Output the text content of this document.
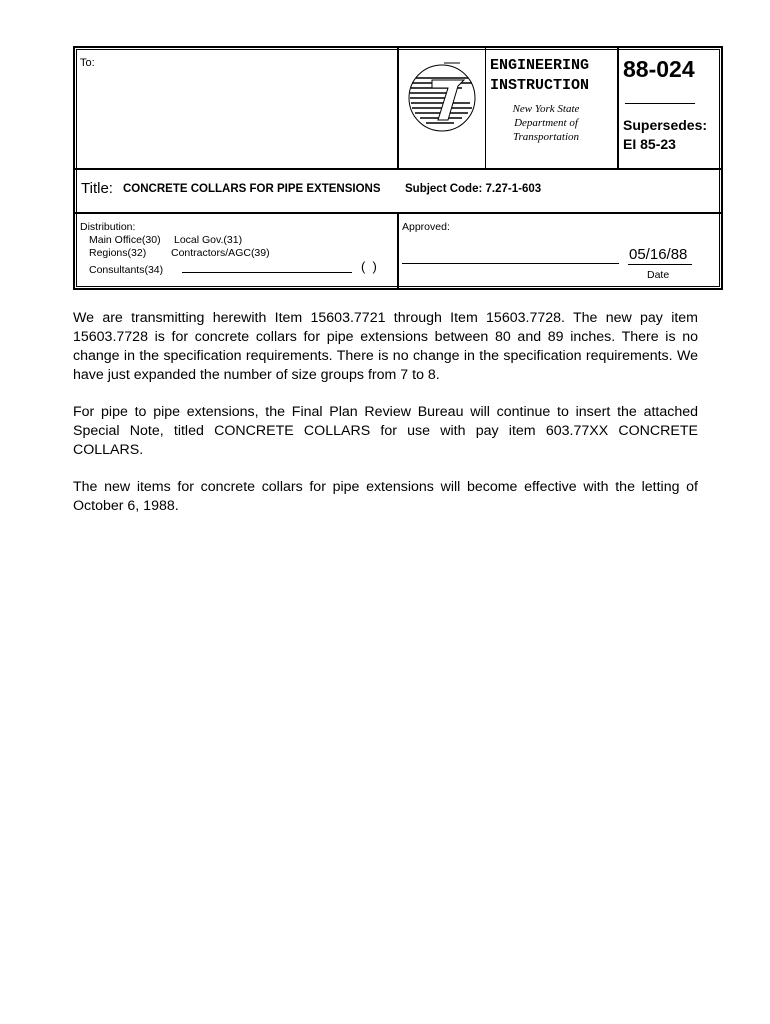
To:	ENGINEERING
INSTRUCTION
New York State
Department of
Transportation
88-024
Supersedes:
EI 85-23
Title: CONCRETE COLLARS FOR PIPE EXTENSIONS Subject Code: 7.27-1-603
Distribution:
Main Office(30) Local Gov.(31)
Regions(32) Contractors/AGC(39)
Consultants(34)	(  )
Approved:
05/16/88
Date

We are transmitting herewith Item 15603.7721 through Item 15603.7728. The new pay item 15603.7728 is for concrete collars for pipe extensions between 80 and 89 inches. There is no change in the specification requirements. There is no change in the specification requirements. We have just expanded the number of size groups from 7 to 8.

For pipe to pipe extensions, the Final Plan Review Bureau will continue to insert the attached Special Note, titled CONCRETE COLLARS for use with pay item 603.77XX CONCRETE COLLARS.

The new items for concrete collars for pipe extensions will become effective with the letting of October 6, 1988.
